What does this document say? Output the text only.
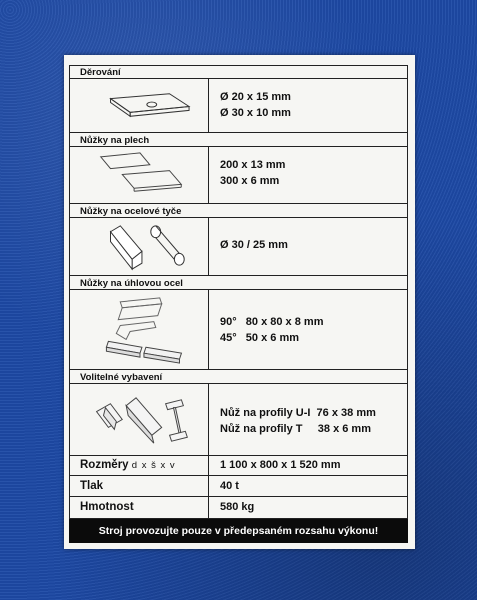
Děrování
Ø 20 x 15 mm
Ø 30 x 10 mm
Nůžky na plech
200 x 13 mm
300 x 6 mm
Nůžky na ocelové tyče
Ø 30 / 25 mm
Nůžky na úhlovou ocel
90°   80 x 80 x 8 mm
45°   50 x 6 mm
Volitelné vybavení
Nůž na profily U-I  76 x 38 mm
Nůž na profily T     38 x 6 mm
Rozměry d x š x v	1 100 x 800 x 1 520 mm
Tlak	40 t
Hmotnost	580 kg
Stroj provozujte pouze v předepsaném rozsahu výkonu!
